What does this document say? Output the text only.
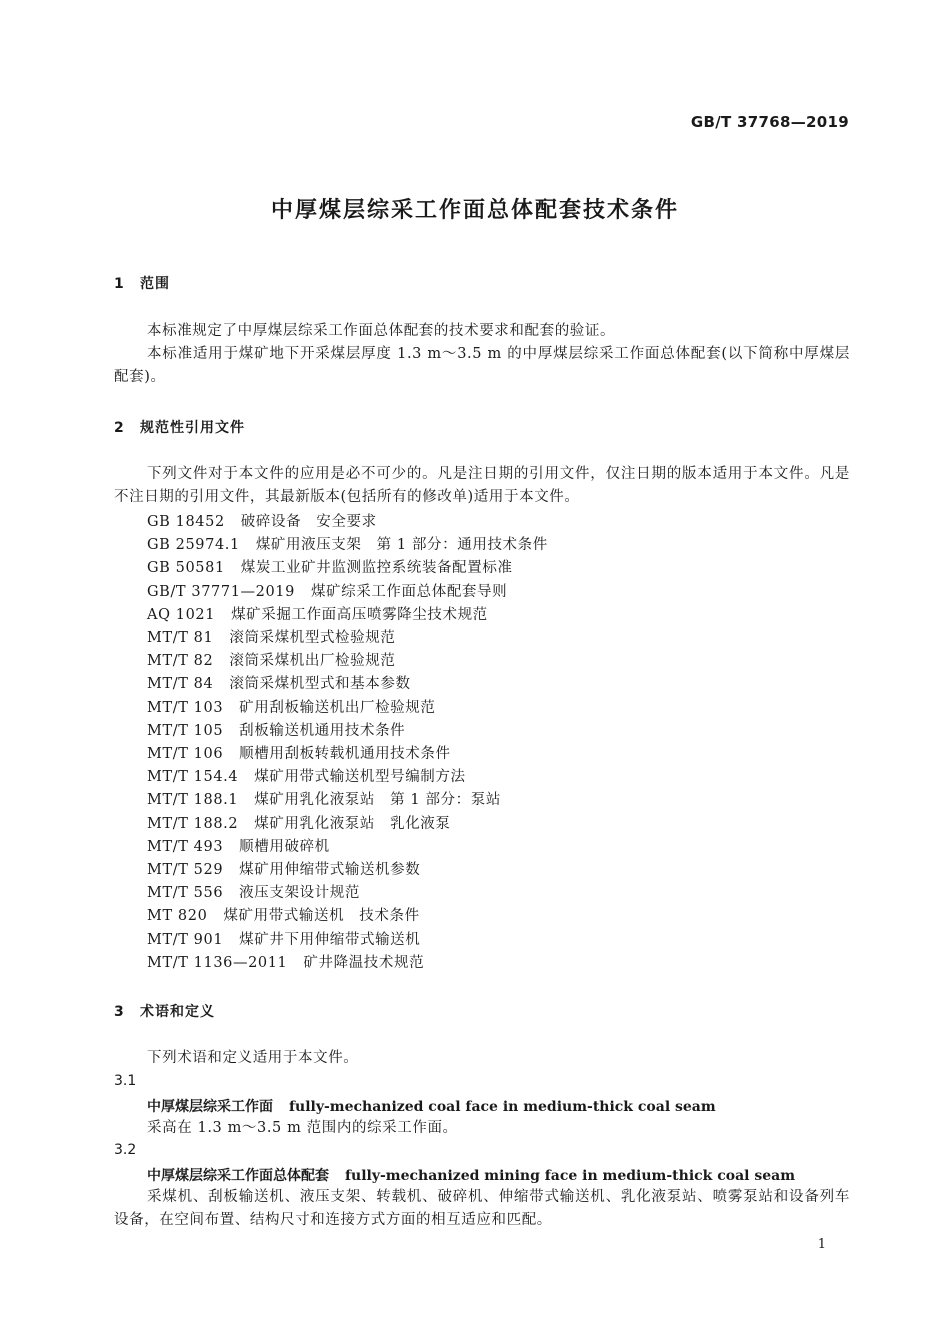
GB/T 37768—2019
中厚煤层综采工作面总体配套技术条件
1 范围
本标准规定了中厚煤层综采工作面总体配套的技术要求和配套的验证。
本标准适用于煤矿地下开采煤层厚度 1.3 m～3.5 m 的中厚煤层综采工作面总体配套(以下简称中厚煤层配套)。
2 规范性引用文件
下列文件对于本文件的应用是必不可少的。凡是注日期的引用文件，仅注日期的版本适用于本文件。凡是不注日期的引用文件，其最新版本(包括所有的修改单)适用于本文件。
GB 18452 破碎设备　安全要求
GB 25974.1 煤矿用液压支架　第 1 部分：通用技术条件
GB 50581 煤炭工业矿井监测监控系统装备配置标准
GB/T 37771—2019 煤矿综采工作面总体配套导则
AQ 1021 煤矿采掘工作面高压喷雾降尘技术规范
MT/T 81 滚筒采煤机型式检验规范
MT/T 82 滚筒采煤机出厂检验规范
MT/T 84 滚筒采煤机型式和基本参数
MT/T 103 矿用刮板输送机出厂检验规范
MT/T 105 刮板输送机通用技术条件
MT/T 106 顺槽用刮板转载机通用技术条件
MT/T 154.4 煤矿用带式输送机型号编制方法
MT/T 188.1 煤矿用乳化液泵站　第 1 部分：泵站
MT/T 188.2 煤矿用乳化液泵站　乳化液泵
MT/T 493 顺槽用破碎机
MT/T 529 煤矿用伸缩带式输送机参数
MT/T 556 液压支架设计规范
MT 820 煤矿用带式输送机　技术条件
MT/T 901 煤矿井下用伸缩带式输送机
MT/T 1136—2011 矿井降温技术规范
3 术语和定义
下列术语和定义适用于本文件。
3.1
中厚煤层综采工作面 fully-mechanized coal face in medium-thick coal seam
采高在 1.3 m～3.5 m 范围内的综采工作面。
3.2
中厚煤层综采工作面总体配套 fully-mechanized mining face in medium-thick coal seam
采煤机、刮板输送机、液压支架、转载机、破碎机、伸缩带式输送机、乳化液泵站、喷雾泵站和设备列车设备，在空间布置、结构尺寸和连接方式方面的相互适应和匹配。
1
